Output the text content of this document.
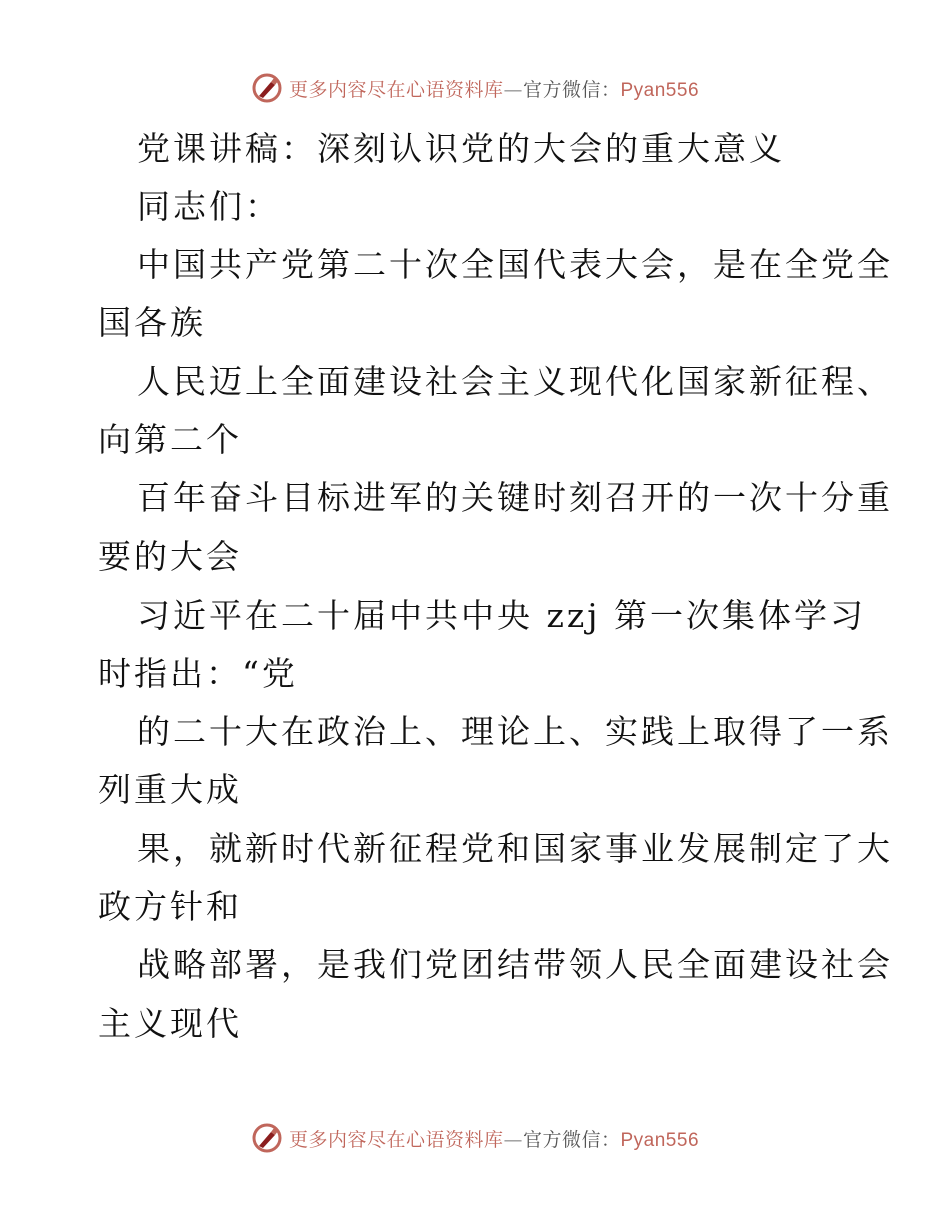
更多内容尽在心语资料库—官方微信：Pyan556
党课讲稿：深刻认识党的大会的重大意义
同志们：
中国共产党第二十次全国代表大会，是在全党全
国各族
人民迈上全面建设社会主义现代化国家新征程、
向第二个
百年奋斗目标进军的关键时刻召开的一次十分重
要的大会
习近平在二十届中共中央 zzj 第一次集体学习
时指出：“党
的二十大在政治上、理论上、实践上取得了一系
列重大成
果，就新时代新征程党和国家事业发展制定了大
政方针和
战略部署，是我们党团结带领人民全面建设社会
主义现代
更多内容尽在心语资料库—官方微信：Pyan556
